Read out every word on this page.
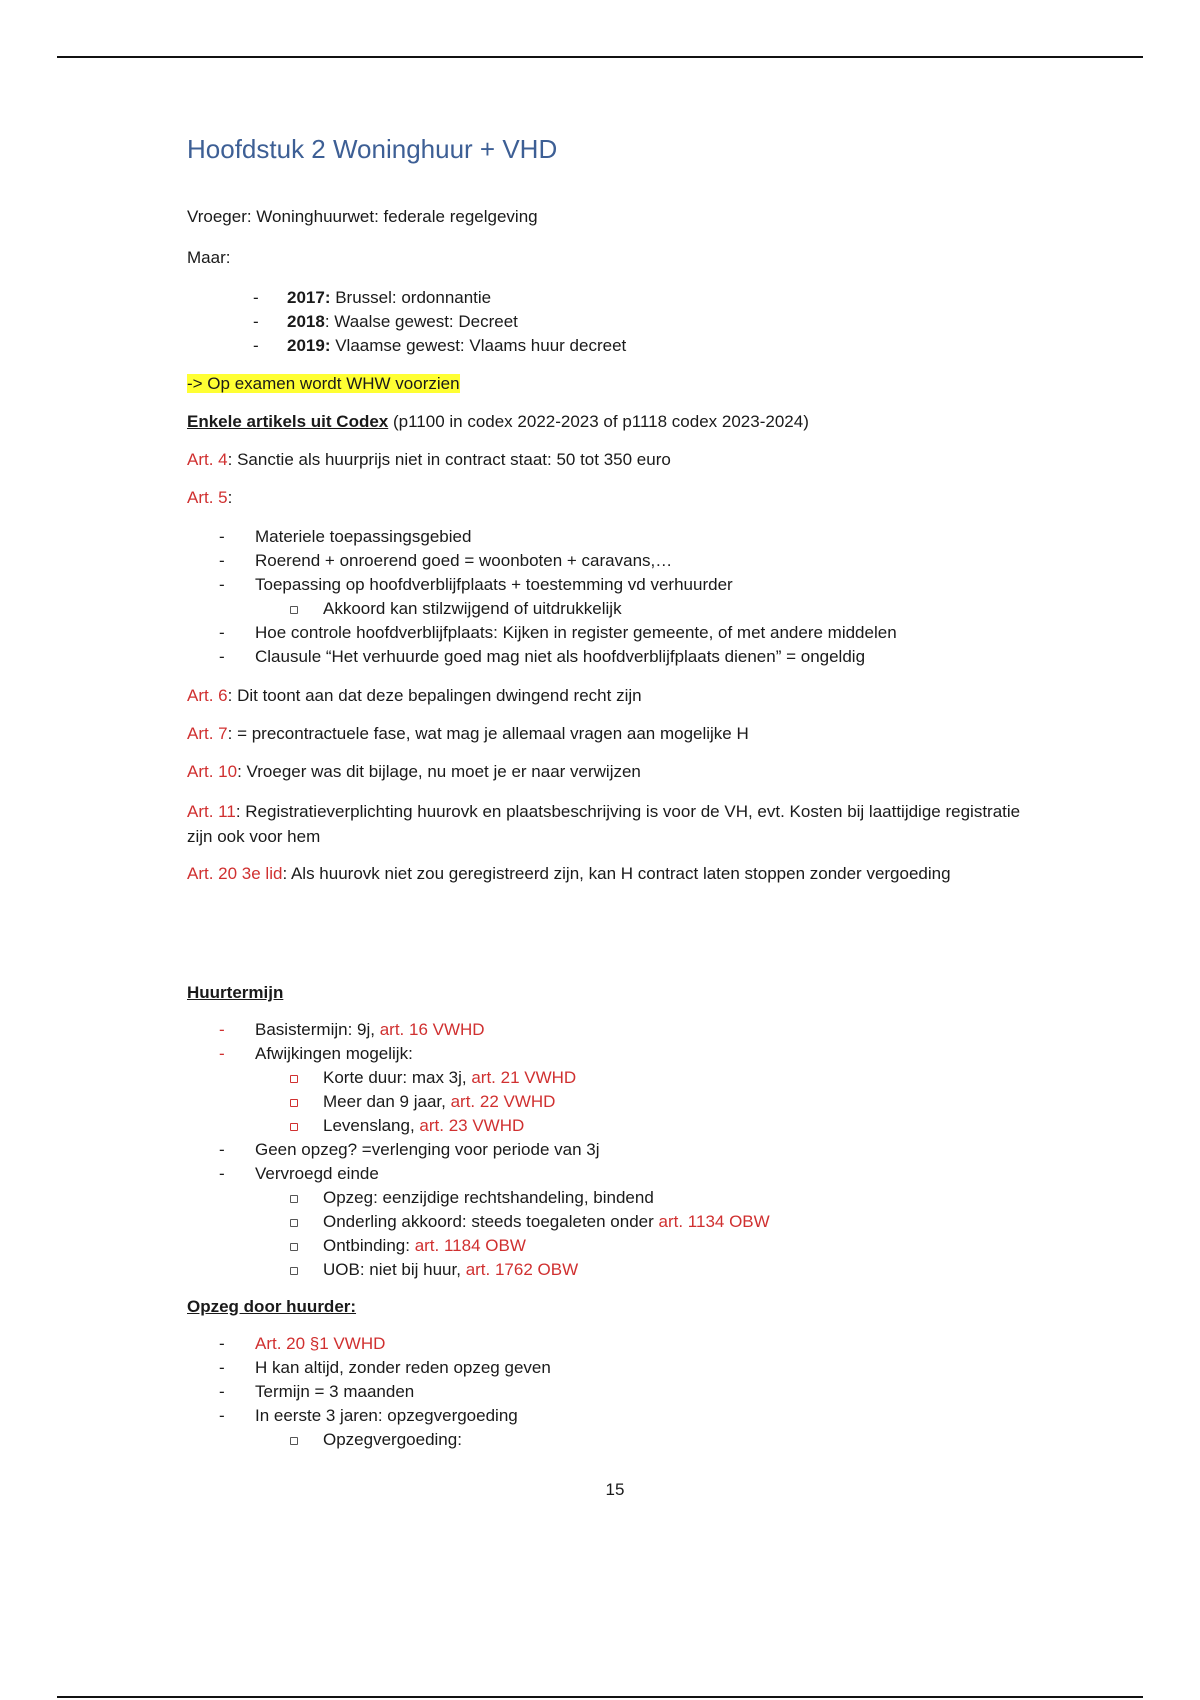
Hoofdstuk 2 Woninghuur + VHD

Vroeger: Woninghuurwet: federale regelgeving

Maar:

- 2017: Brussel: ordonnantie
- 2018: Waalse gewest: Decreet
- 2019: Vlaamse gewest: Vlaams huur decreet

-> Op examen wordt WHW voorzien

Enkele artikels uit Codex (p1100 in codex 2022-2023 of p1118 codex 2023-2024)

Art. 4: Sanctie als huurprijs niet in contract staat: 50 tot 350 euro

Art. 5:

- Materiele toepassingsgebied
- Roerend + onroerend goed = woonboten + caravans,…
- Toepassing op hoofdverblijfplaats + toestemming vd verhuurder
Akkoord kan stilzwijgend of uitdrukkelijk
- Hoe controle hoofdverblijfplaats: Kijken in register gemeente, of met andere middelen
- Clausule “Het verhuurde goed mag niet als hoofdverblijfplaats dienen” = ongeldig

Art. 6: Dit toont aan dat deze bepalingen dwingend recht zijn

Art. 7: = precontractuele fase, wat mag je allemaal vragen aan mogelijke H

Art. 10: Vroeger was dit bijlage, nu moet je er naar verwijzen

Art. 11: Registratieverplichting huurovk en plaatsbeschrijving is voor de VH, evt. Kosten bij laattijdige registratie zijn ook voor hem

Art. 20 3e lid: Als huurovk niet zou geregistreerd zijn, kan H contract laten stoppen zonder vergoeding

Huurtermijn

- Basistermijn: 9j, art. 16 VWHD
- Afwijkingen mogelijk:
Korte duur: max 3j, art. 21 VWHD
Meer dan 9 jaar, art. 22 VWHD
Levenslang, art. 23 VWHD
- Geen opzeg? =verlenging voor periode van 3j
- Vervroegd einde
Opzeg: eenzijdige rechtshandeling, bindend
Onderling akkoord: steeds toegaleten onder art. 1134 OBW
Ontbinding: art. 1184 OBW
UOB: niet bij huur, art. 1762 OBW

Opzeg door huurder:

- Art. 20 §1 VWHD
- H kan altijd, zonder reden opzeg geven
- Termijn = 3 maanden
- In eerste 3 jaren: opzegvergoeding
Opzegvergoeding:
15
